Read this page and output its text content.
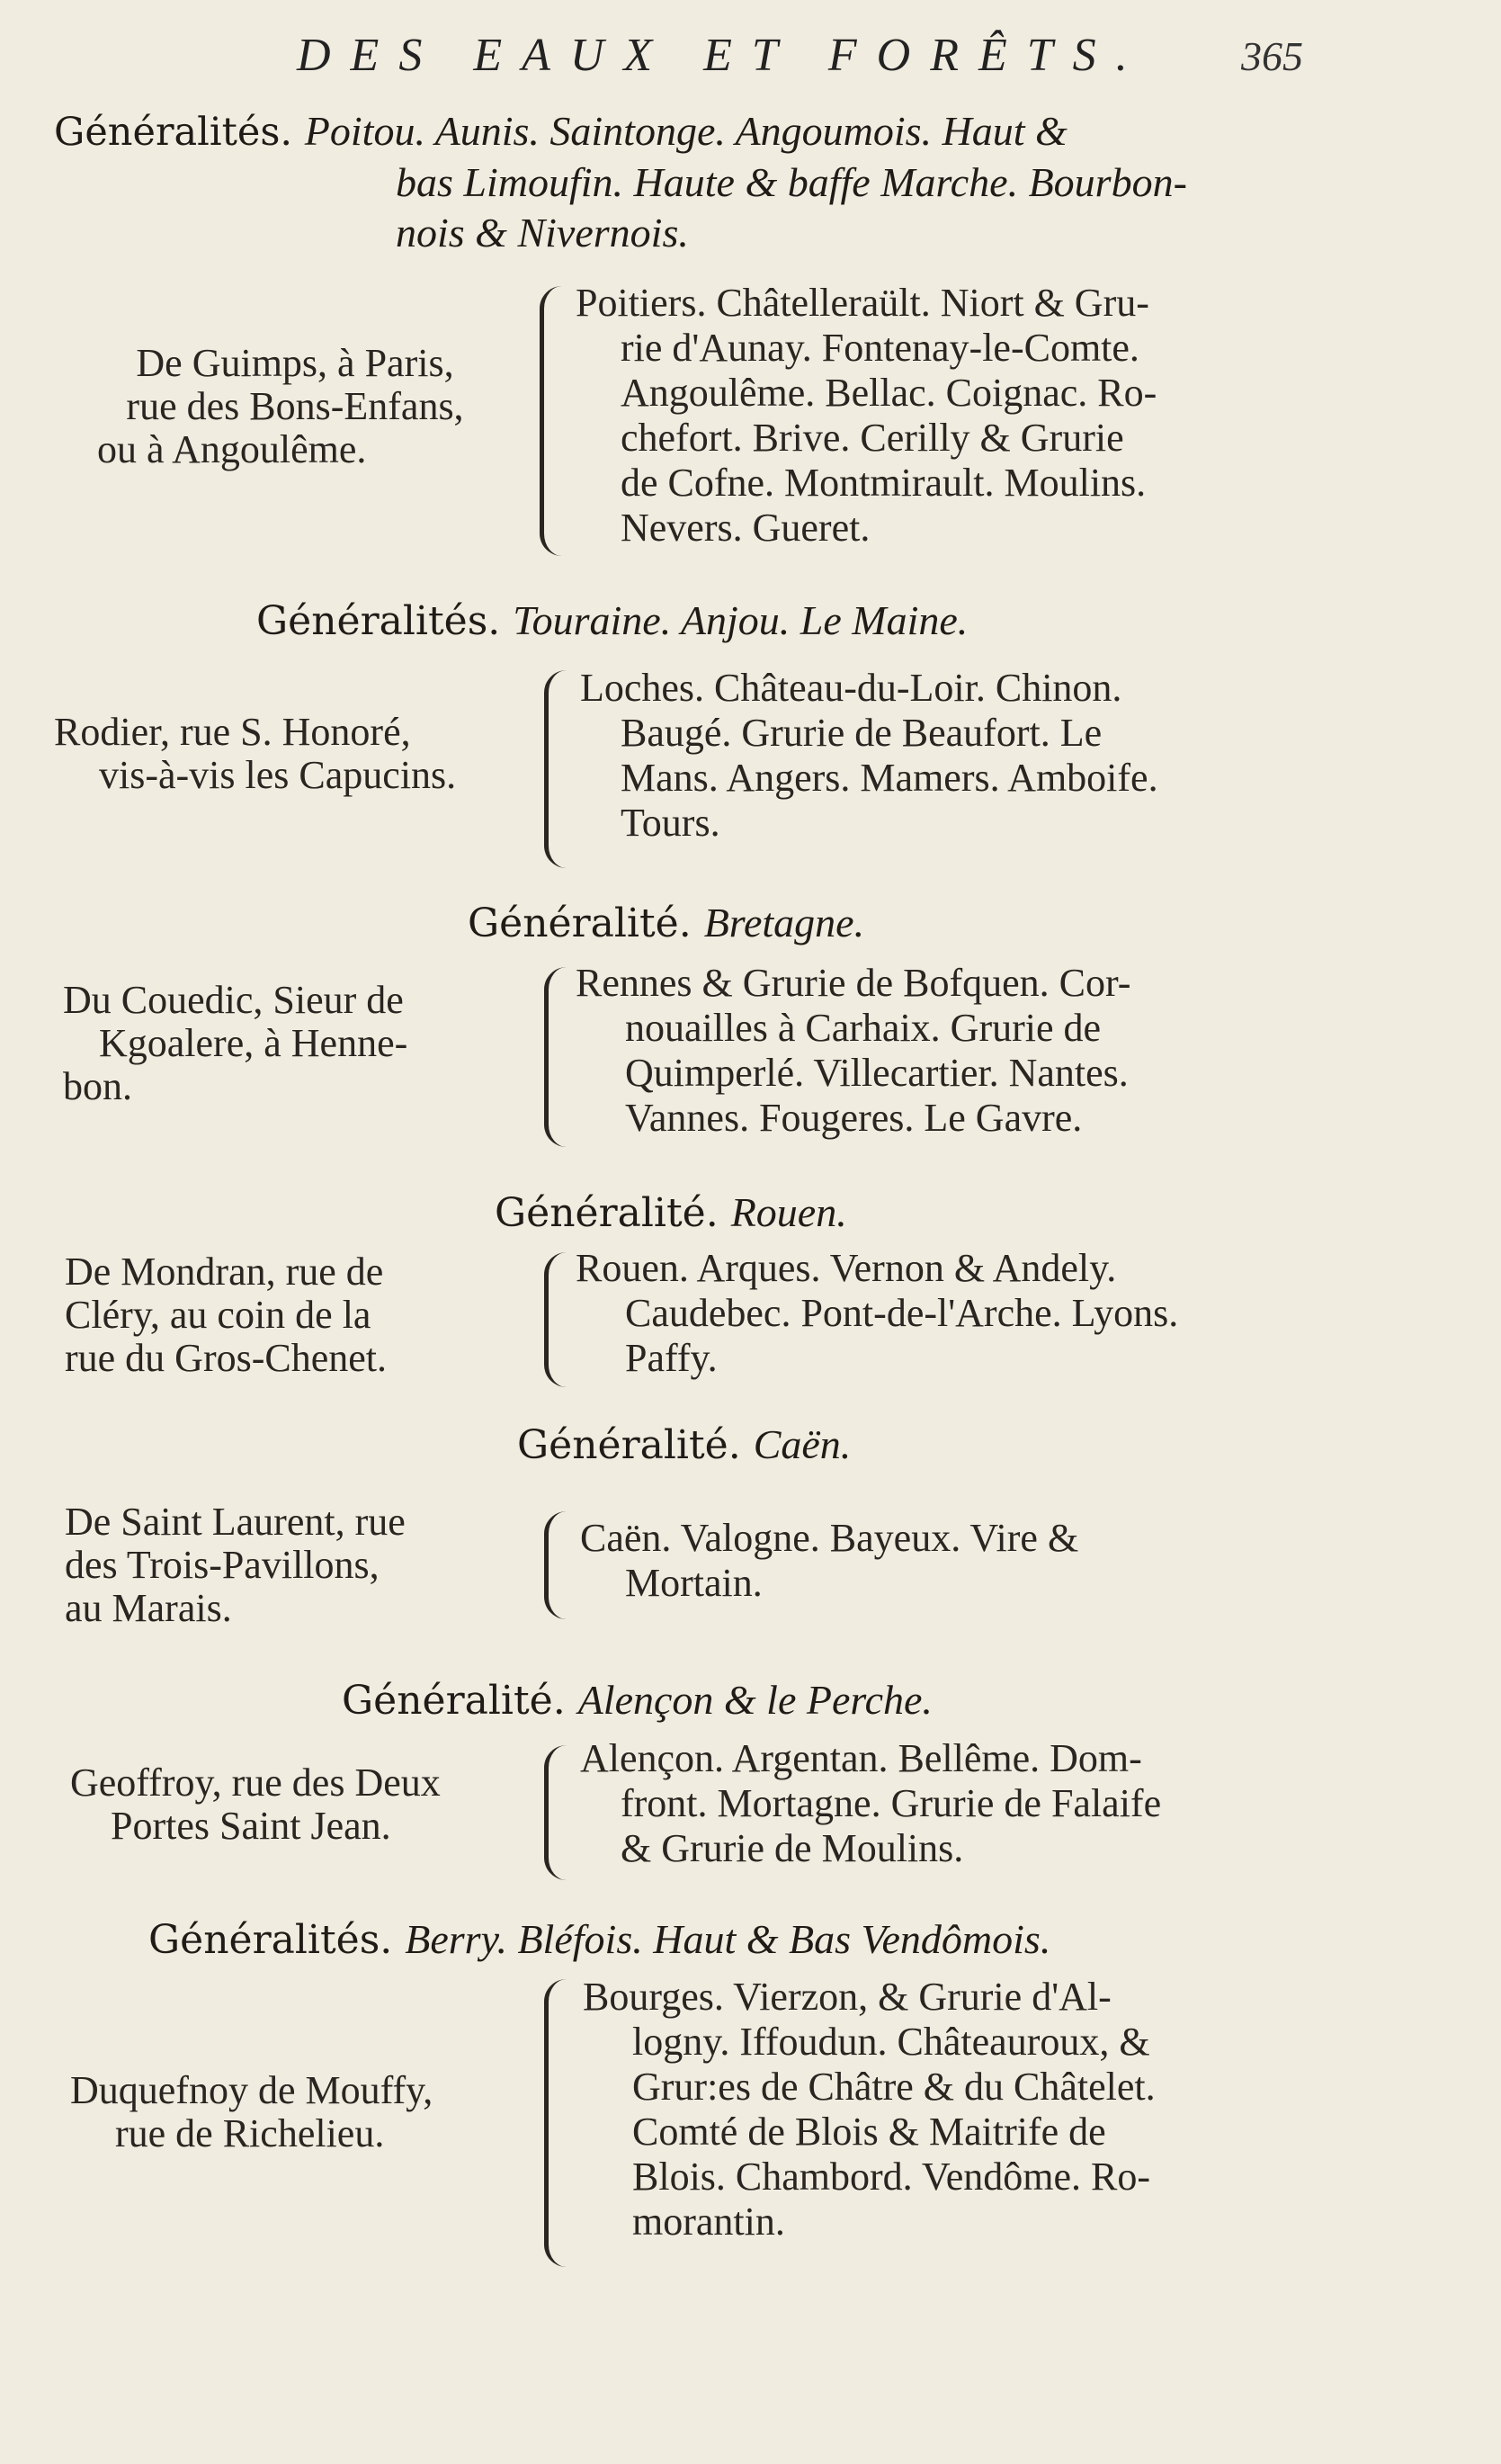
DES EAUX ET FORÊTS. 365
Généralités. Poitou. Aunis. Saintonge. Angoumois. Haut &
bas Limoufin. Haute & baffe Marche. Bourbon-
nois & Nivernois.
De Guimps, à Paris,
rue des Bons-Enfans,
ou à Angoulême.
Poitiers. Châtelleraült. Niort & Gru-
rie d'Aunay. Fontenay-le-Comte.
Angoulême. Bellac. Coignac. Ro-
chefort. Brive. Cerilly & Grurie
de Cofne. Montmirault. Moulins.
Nevers. Gueret.
Généralités. Touraine. Anjou. Le Maine.
Rodier, rue S. Honoré,
vis-à-vis les Capucins.
Loches. Château-du-Loir. Chinon.
Baugé. Grurie de Beaufort. Le
Mans. Angers. Mamers. Amboife.
Tours.
Généralité. Bretagne.
Du Couedic, Sieur de
Kgoalere, à Henne-
bon.
Rennes & Grurie de Bofquen. Cor-
nouailles à Carhaix. Grurie de
Quimperlé. Villecartier. Nantes.
Vannes. Fougeres. Le Gavre.
Généralité. Rouen.
De Mondran, rue de
Cléry, au coin de la
rue du Gros-Chenet.
Rouen. Arques. Vernon & Andely.
Caudebec. Pont-de-l'Arche. Lyons.
Paffy.
Généralité. Caën.
De Saint Laurent, rue
des Trois-Pavillons,
au Marais.
Caën. Valogne. Bayeux. Vire &
Mortain.
Généralité. Alençon & le Perche.
Geoffroy, rue des Deux
Portes Saint Jean.
Alençon. Argentan. Bellême. Dom-
front. Mortagne. Grurie de Falaife
& Grurie de Moulins.
Généralités. Berry. Bléfois. Haut & Bas Vendômois.
Duquefnoy de Mouffy,
rue de Richelieu.
Bourges. Vierzon, & Grurie d'Al-
logny. Iffoudun. Châteauroux, &
Grur:es de Châtre & du Châtelet.
Comté de Blois & Maitrife de
Blois. Chambord. Vendôme. Ro-
morantin.
